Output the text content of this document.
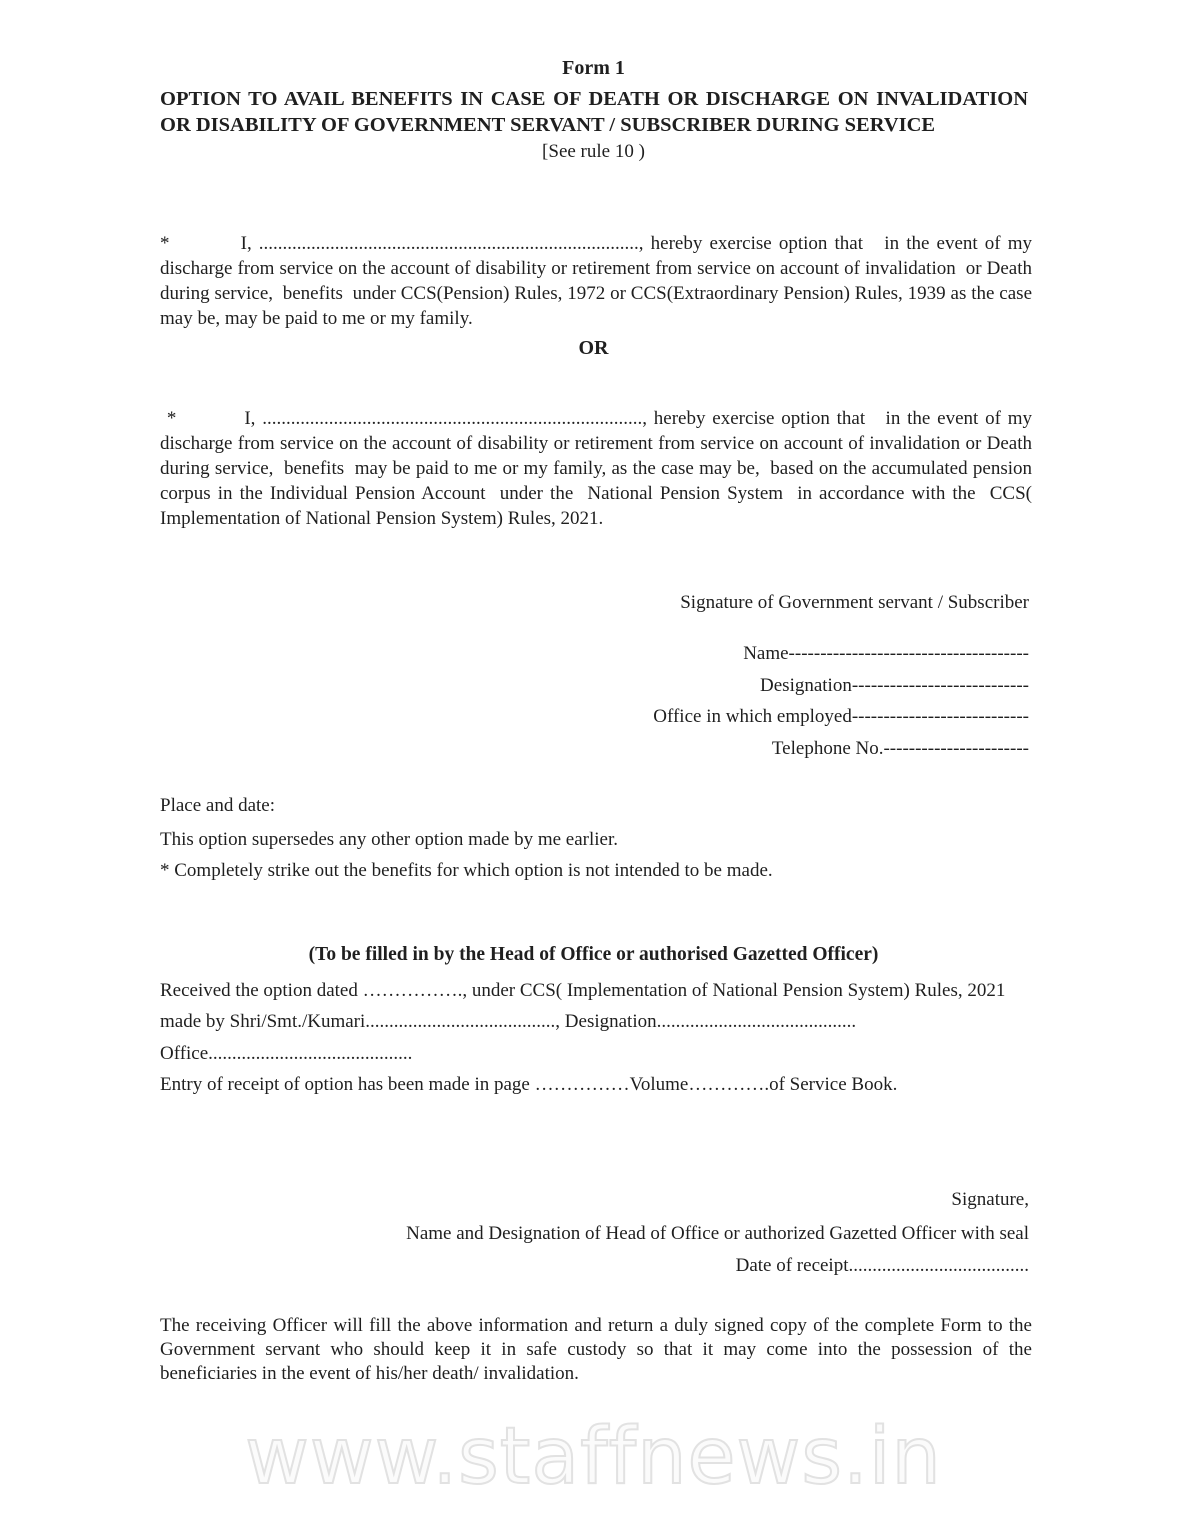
Form 1
OPTION TO AVAIL BENEFITS IN CASE OF DEATH OR DISCHARGE ON INVALIDATION OR DISABILITY OF GOVERNMENT SERVANT / SUBSCRIBER DURING SERVICE
[See rule 10 )

*          I, ................................................................................, hereby exercise option that   in the event of my discharge from service on the account of disability or retirement from service on account of invalidation  or Death during service,  benefits  under CCS(Pension) Rules, 1972 or CCS(Extraordinary Pension) Rules, 1939 as the case may be, may be paid to me or my family.

OR

*          I, ................................................................................, hereby exercise option that   in the event of my discharge from service on the account of disability or retirement from service on account of invalidation or Death during service,  benefits  may be paid to me or my family, as the case may be,  based on the accumulated pension corpus in the Individual Pension Account  under the  National Pension System  in accordance with the  CCS( Implementation of National Pension System) Rules, 2021.

Signature of Government servant / Subscriber
Name--------------------------------------
Designation----------------------------
Office in which employed----------------------------
Telephone No.-----------------------
Place and date:
This option supersedes any other option made by me earlier.
* Completely strike out the benefits for which option is not intended to be made.
(To be filled in by the Head of Office or authorised Gazetted Officer)
Received the option dated ……………., under CCS( Implementation of National Pension System) Rules, 2021
made by Shri/Smt./Kumari........................................, Designation..........................................
Office...........................................
Entry of receipt of option has been made in page ……………Volume………….of Service Book.
Signature,
Name and Designation of Head of Office or authorized Gazetted Officer with seal
Date of receipt......................................

The receiving Officer will fill the above information and return a duly signed copy of the complete Form to the Government servant who should keep it in safe custody so that it may come into the possession of the beneficiaries in the event of his/her death/ invalidation.

www.staffnews.in
